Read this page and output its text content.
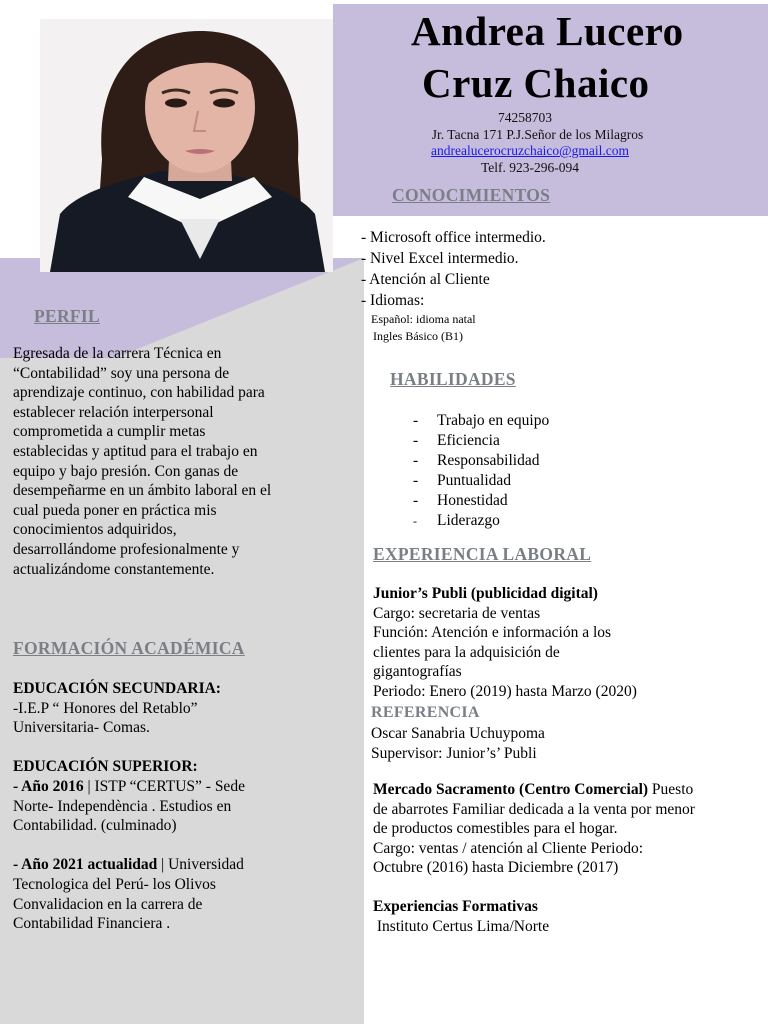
Andrea Lucero
Cruz Chaico
74258703
Jr. Tacna 171 P.J.Señor de los Milagros
andrealucerocruzchaico@gmail.com
Telf. 923-296-094
CONOCIMIENTOS
- Microsoft office intermedio.
- Nivel Excel intermedio.
- Atención al Cliente
- Idiomas:
Español: idioma natal
Ingles Básico (B1)
PERFIL
Egresada de la carrera Técnica en
“Contabilidad” soy una persona de
aprendizaje continuo, con habilidad para
establecer relación interpersonal
comprometida a cumplir metas
establecidas y aptitud para el trabajo en
equipo y bajo presión. Con ganas de
desempeñarme en un ámbito laboral en el
cual pueda poner en práctica mis
conocimientos adquiridos,
desarrollándome profesionalmente y
actualizándome constantemente.
HABILIDADES
- Trabajo en equipo
- Eficiencia
- Responsabilidad
- Puntualidad
- Honestidad
- Liderazgo
FORMACIÓN ACADÉMICA
EDUCACIÓN SECUNDARIA:
-I.E.P “ Honores del Retablo”
Universitaria- Comas.
EDUCACIÓN SUPERIOR:
- Año 2016 | ISTP “CERTUS” - Sede
Norte- Independència . Estudios en
Contabilidad. (culminado)
- Año 2021 actualidad | Universidad
Tecnologica del Perú- los Olivos
Convalidacion en la carrera de
Contabilidad Financiera .
EXPERIENCIA LABORAL
Junior’s Publi (publicidad digital)
Cargo: secretaria de ventas
Función: Atención e información a los
clientes para la adquisición de
gigantografías
Periodo: Enero (2019) hasta Marzo (2020)
REFERENCIA
Oscar Sanabria Uchuypoma
Supervisor: Junior’s’ Publi
Mercado Sacramento (Centro Comercial) Puesto
de abarrotes Familiar dedicada a la venta por menor
de productos comestibles para el hogar.
Cargo: ventas / atención al Cliente Periodo:
Octubre (2016) hasta Diciembre (2017)
Experiencias Formativas
Instituto Certus Lima/Norte
